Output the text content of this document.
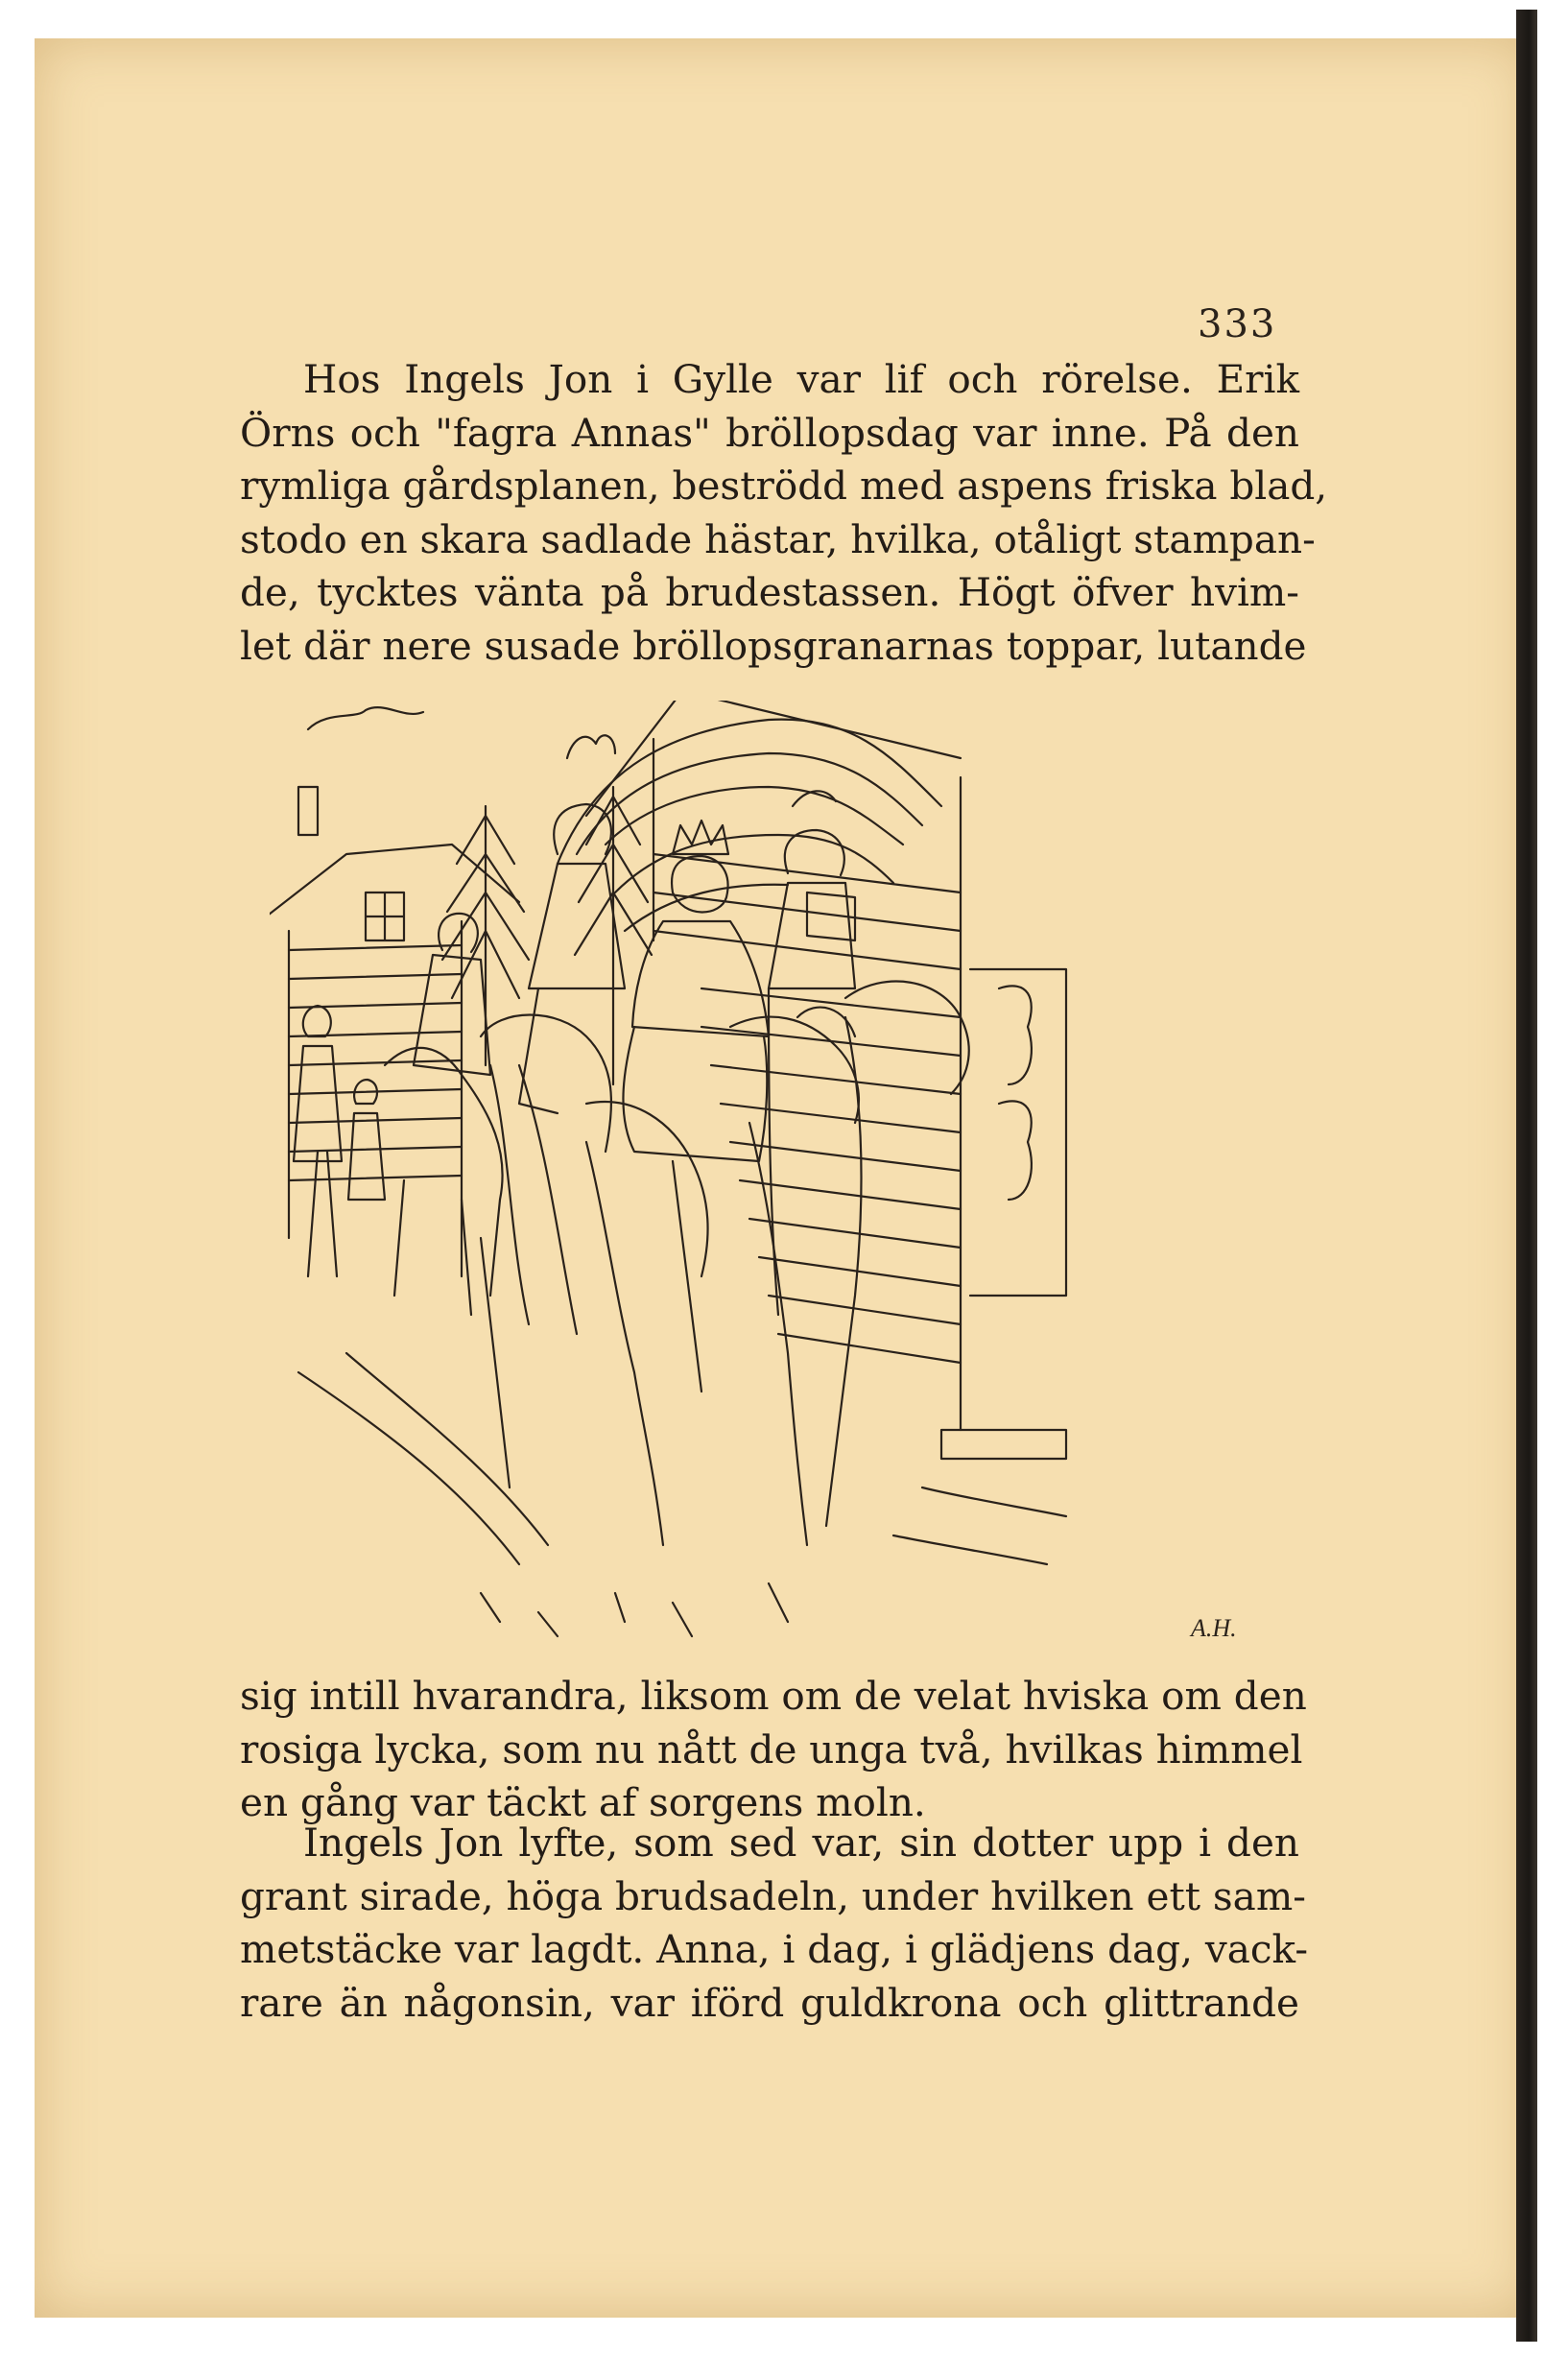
333

Hos Ingels Jon i Gylle var lif och rörelse. Erik
Örns och "fagra Annas" bröllopsdag var inne. På den
rymliga gårdsplanen, beströdd med aspens friska blad,
stodo en skara sadlade hästar, hvilka, otåligt stampan-
de, tycktes vänta på brudestassen. Högt öfver hvim-
let där nere susade bröllopsgranarnas toppar, lutande

A.H.

sig intill hvarandra, liksom om de velat hviska om den
rosiga lycka, som nu nått de unga två, hvilkas himmel
en gång var täckt af sorgens moln.

Ingels Jon lyfte, som sed var, sin dotter upp i den
grant sirade, höga brudsadeln, under hvilken ett sam-
metstäcke var lagdt. Anna, i dag, i glädjens dag, vack-
rare än någonsin, var iförd guldkrona och glittrande
